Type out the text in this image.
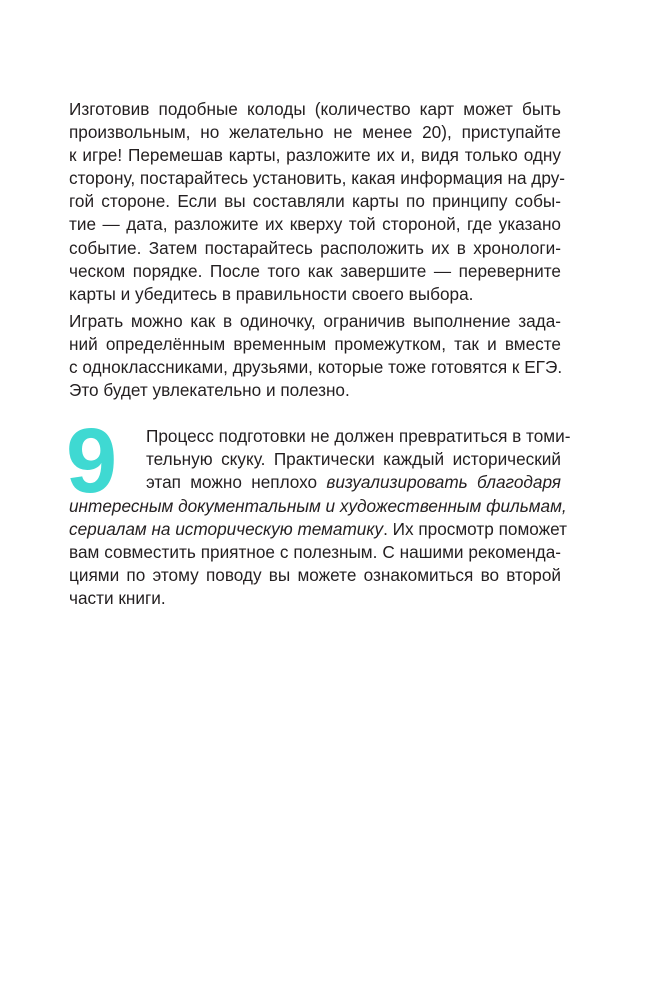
Изготовив подобные колоды (количество карт может быть
произвольным, но желательно не менее 20), приступайте
к игре! Перемешав карты, разложите их и, видя только одну
сторону, постарайтесь установить, какая информация на дру-
гой стороне. Если вы составляли карты по принципу собы-
тие — дата, разложите их кверху той стороной, где указано
событие. Затем постарайтесь расположить их в хронологи-
ческом порядке. После того как завершите — переверните
карты и убедитесь в правильности своего выбора.
Играть можно как в одиночку, ограничив выполнение зада-
ний определённым временным промежутком, так и вместе
с одноклассниками, друзьями, которые тоже готовятся к ЕГЭ.
Это будет увлекательно и полезно.
9 Процесс подготовки не должен превратиться в томи-
тельную скуку. Практически каждый исторический
этап можно неплохо визуализировать благодаря
интересным документальным и художественным фильмам,
сериалам на историческую тематику. Их просмотр поможет
вам совместить приятное с полезным. С нашими рекоменда-
циями по этому поводу вы можете ознакомиться во второй
части книги.
